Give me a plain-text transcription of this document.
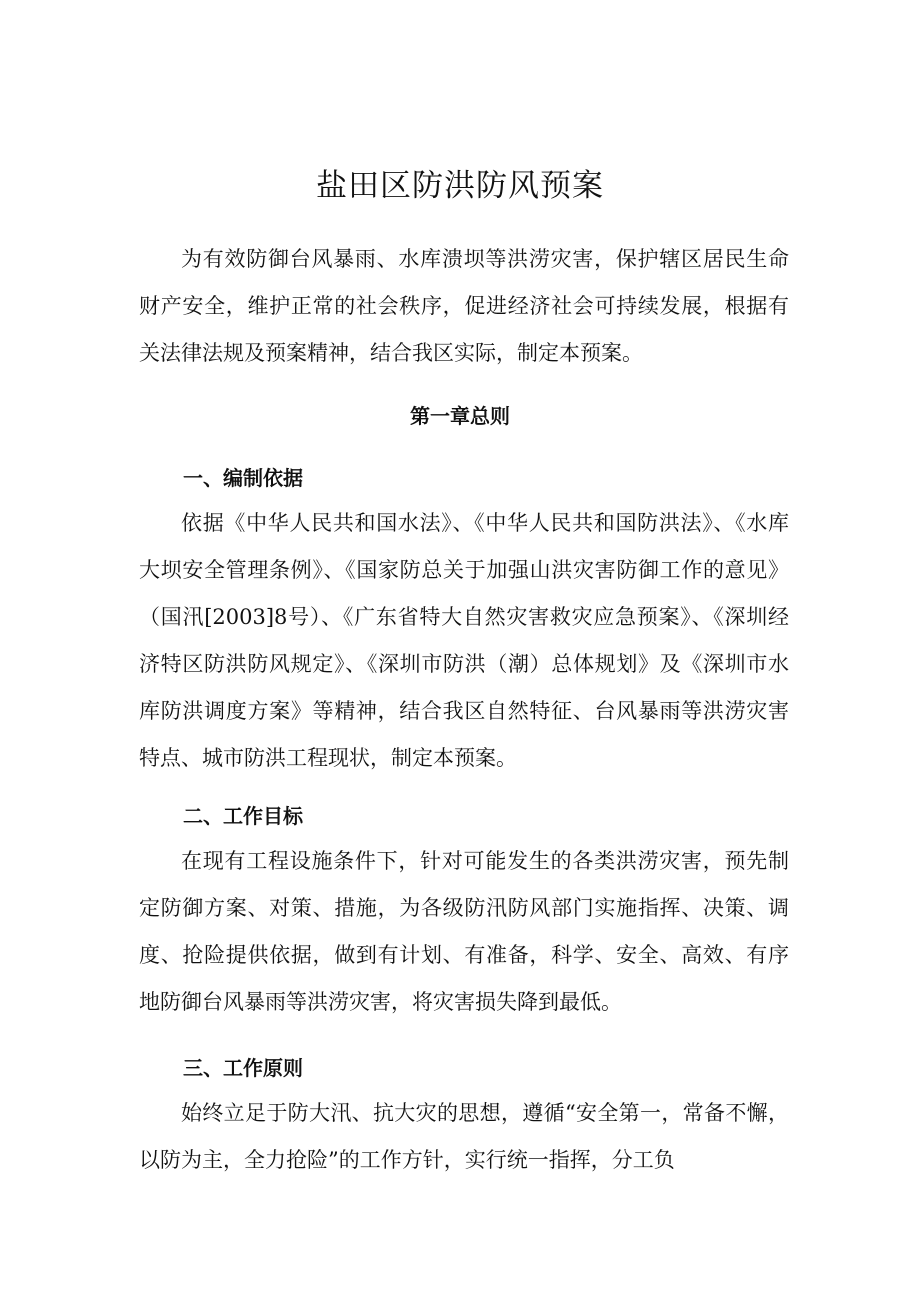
盐田区防洪防风预案

为有效防御台风暴雨、水库溃坝等洪涝灾害，保护辖区居民生命财产安全，维护正常的社会秩序，促进经济社会可持续发展，根据有关法律法规及预案精神，结合我区实际，制定本预案。

第一章总则
一、编制依据

依据《中华人民共和国水法》、《中华人民共和国防洪法》、《水库大坝安全管理条例》、《国家防总关于加强山洪灾害防御工作的意见》（国汛[2003]8号）、《广东省特大自然灾害救灾应急预案》、《深圳经济特区防洪防风规定》、《深圳市防洪（潮）总体规划》及《深圳市水库防洪调度方案》等精神，结合我区自然特征、台风暴雨等洪涝灾害特点、城市防洪工程现状，制定本预案。

二、工作目标

在现有工程设施条件下，针对可能发生的各类洪涝灾害，预先制定防御方案、对策、措施，为各级防汛防风部门实施指挥、决策、调度、抢险提供依据，做到有计划、有准备，科学、安全、高效、有序地防御台风暴雨等洪涝灾害，将灾害损失降到最低。

三、工作原则

始终立足于防大汛、抗大灾的思想，遵循“安全第一，常备不懈，以防为主，全力抢险”的工作方针，实行统一指挥，分工负
